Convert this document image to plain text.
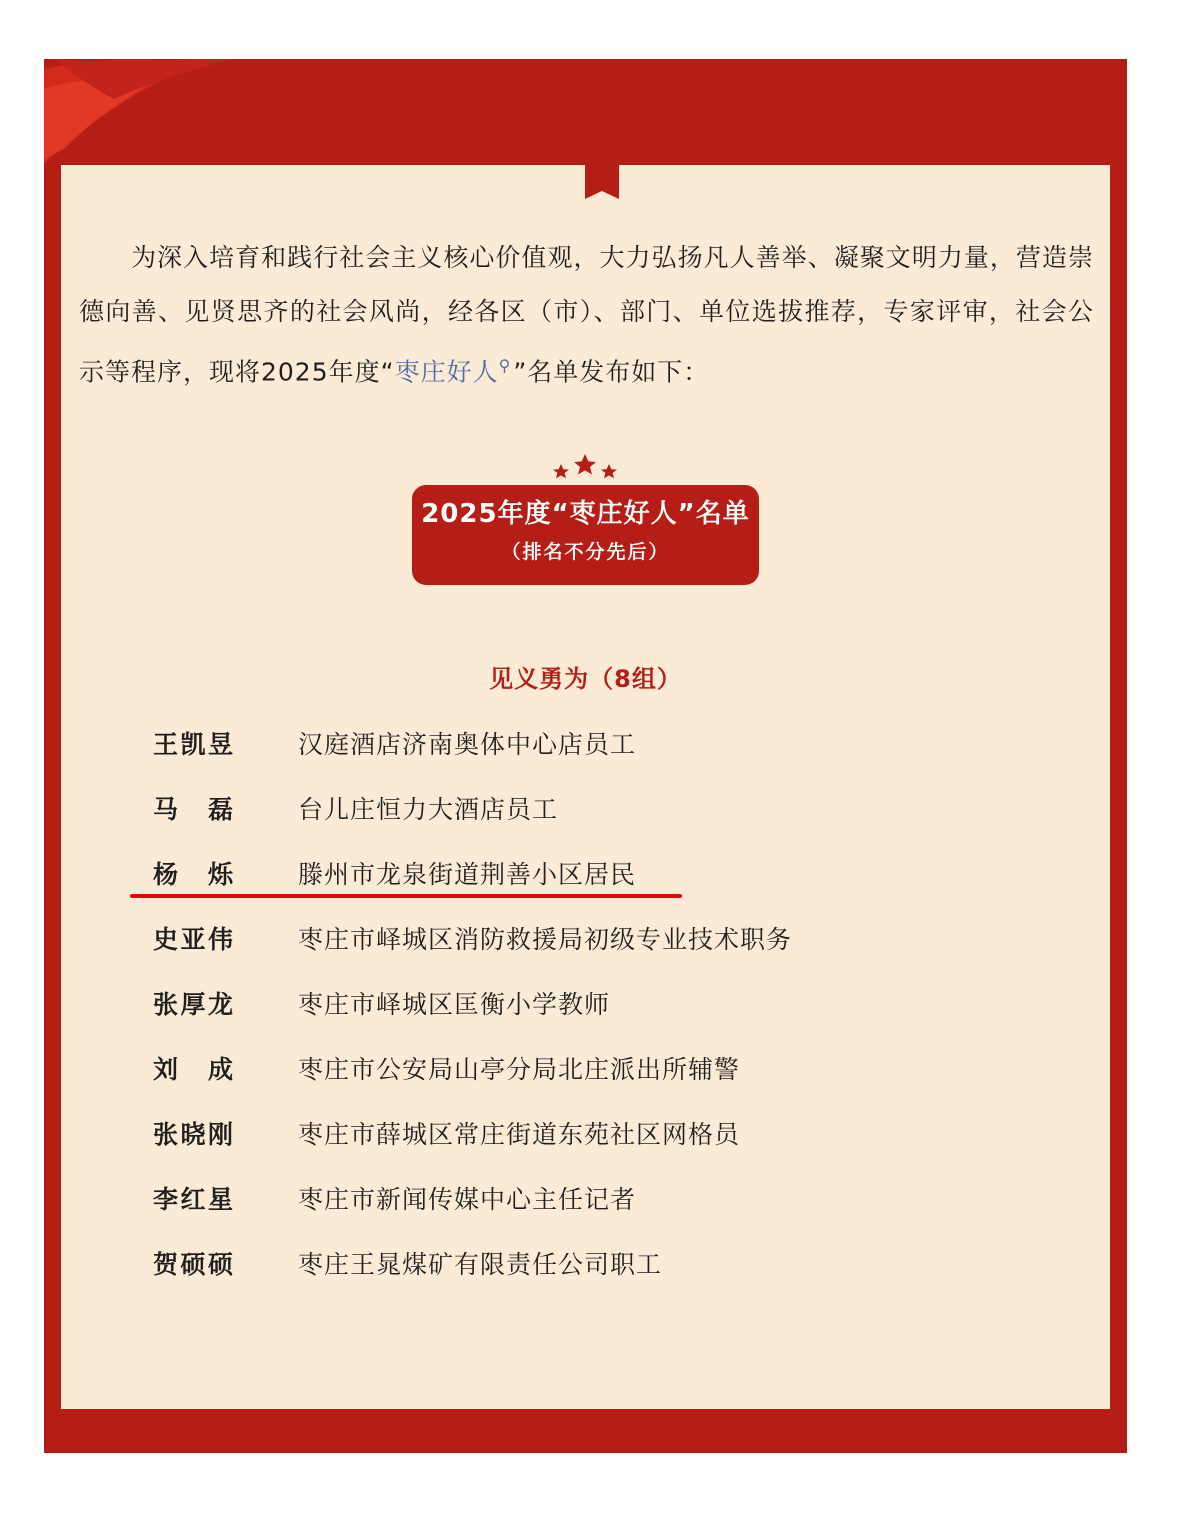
为深入培育和践行社会主义核心价值观，大力弘扬凡人善举、凝聚文明力量，营造崇德向善、见贤思齐的社会风尚，经各区（市）、部门、单位选拔推荐，专家评审，社会公示等程序，现将2025年度“枣庄好人⚲”名单发布如下：

2025年度“枣庄好人”名单
（排名不分先后）
见义勇为（8组）
王凯昱	汉庭酒店济南奥体中心店员工
马磊	台儿庄恒力大酒店员工
杨烁	滕州市龙泉街道荆善小区居民
史亚伟	枣庄市峄城区消防救援局初级专业技术职务
张厚龙	枣庄市峄城区匡衡小学教师
刘成	枣庄市公安局山亭分局北庄派出所辅警
张晓刚	枣庄市薛城区常庄街道东苑社区网格员
李红星	枣庄市新闻传媒中心主任记者
贺硕硕	枣庄王晁煤矿有限责任公司职工
